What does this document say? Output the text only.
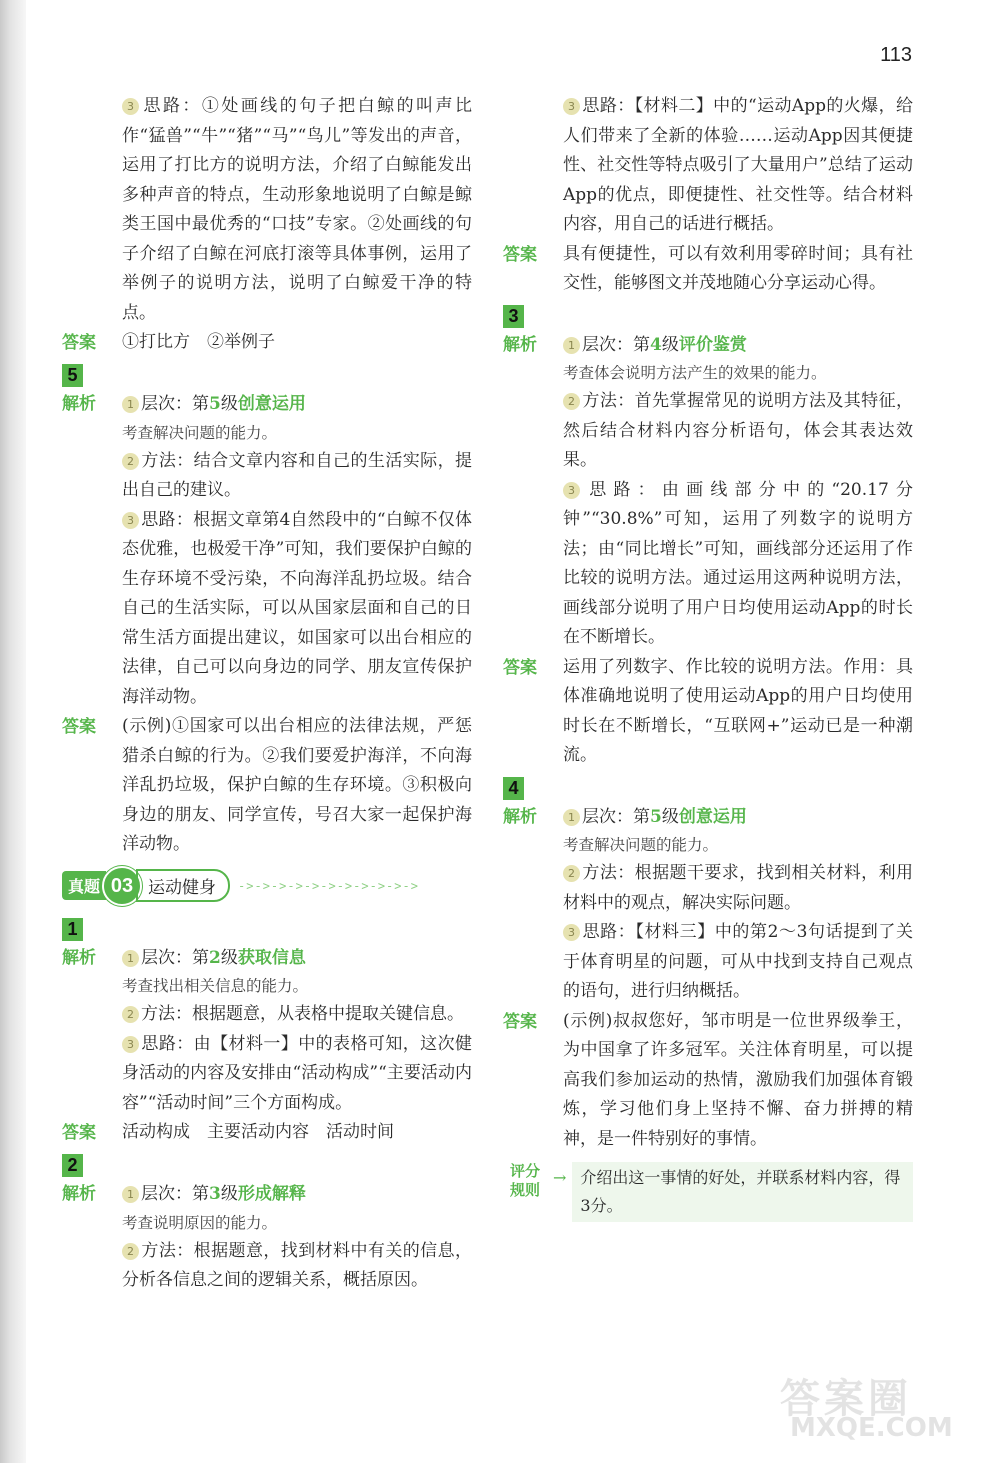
113

3 思路：①处画线的句子把白鲸的叫声比作“猛兽”“牛”“猪”“马”“鸟儿”等发出的声音，运用了打比方的说明方法，介绍了白鲸能发出多种声音的特点，生动形象地说明了白鲸是鲸类王国中最优秀的“口技”专家。②处画线的句子介绍了白鲸在河底打滚等具体事例，运用了举例子的说明方法，说明了白鲸爱干净的特点。

答案	①打比方　②举例子

5
解析	1 层次：第5级创意运用

考查解决问题的能力。

2 方法：结合文章内容和自己的生活实际，提出自己的建议。

3 思路：根据文章第4自然段中的“白鲸不仅体态优雅，也极爱干净”可知，我们要保护白鲸的生存环境不受污染，不向海洋乱扔垃圾。结合自己的生活实际，可以从国家层面和自己的日常生活方面提出建议，如国家可以出台相应的法律，自己可以向身边的同学、朋友宣传保护海洋动物。

答案	(示例)①国家可以出台相应的法律法规，严惩猎杀白鲸的行为。②我们要爱护海洋，不向海洋乱扔垃圾，保护白鲸的生存环境。③积极向身边的朋友、同学宣传，号召大家一起保护海洋动物。

真题 03 运动健身	->->->->->->->->->->->
1
解析	1 层次：第2级获取信息

考查找出相关信息的能力。

2 方法：根据题意，从表格中提取关键信息。

3 思路：由【材料一】中的表格可知，这次健身活动的内容及安排由“活动构成”“主要活动内容”“活动时间”三个方面构成。

答案	活动构成　主要活动内容　活动时间

2
解析	1 层次：第3级形成解释

考查说明原因的能力。

2 方法：根据题意，找到材料中有关的信息，分析各信息之间的逻辑关系，概括原因。

3 思路：【材料二】中的“运动App的火爆，给人们带来了全新的体验……运动App因其便捷性、社交性等特点吸引了大量用户”总结了运动App的优点，即便捷性、社交性等。结合材料内容，用自己的话进行概括。

答案	具有便捷性，可以有效利用零碎时间；具有社交性，能够图文并茂地随心分享运动心得。

3
解析	1 层次：第4级评价鉴赏

考查体会说明方法产生的效果的能力。

2 方法：首先掌握常见的说明方法及其特征，然后结合材料内容分析语句，体会其表达效果。

3 思路：由画线部分中的“20.17分钟”“30.8%”可知，运用了列数字的说明方法；由“同比增长”可知，画线部分还运用了作比较的说明方法。通过运用这两种说明方法，画线部分说明了用户日均使用运动App的时长在不断增长。

答案	运用了列数字、作比较的说明方法。作用：具体准确地说明了使用运动App的用户日均使用时长在不断增长，“互联网+”运动已是一种潮流。

4
解析	1 层次：第5级创意运用

考查解决问题的能力。

2 方法：根据题干要求，找到相关材料，利用材料中的观点，解决实际问题。

3 思路：【材料三】中的第2～3句话提到了关于体育明星的问题，可从中找到支持自己观点的语句，进行归纳概括。

答案	(示例)叔叔您好，邹市明是一位世界级拳王，为中国拿了许多冠军。关注体育明星，可以提高我们参加运动的热情，激励我们加强体育锻炼，学习他们身上坚持不懈、奋力拼搏的精神，是一件特别好的事情。

评分规则
→ 介绍出这一事情的好处，并联系材料内容，得3分。
答案圈
MXQE.COM
